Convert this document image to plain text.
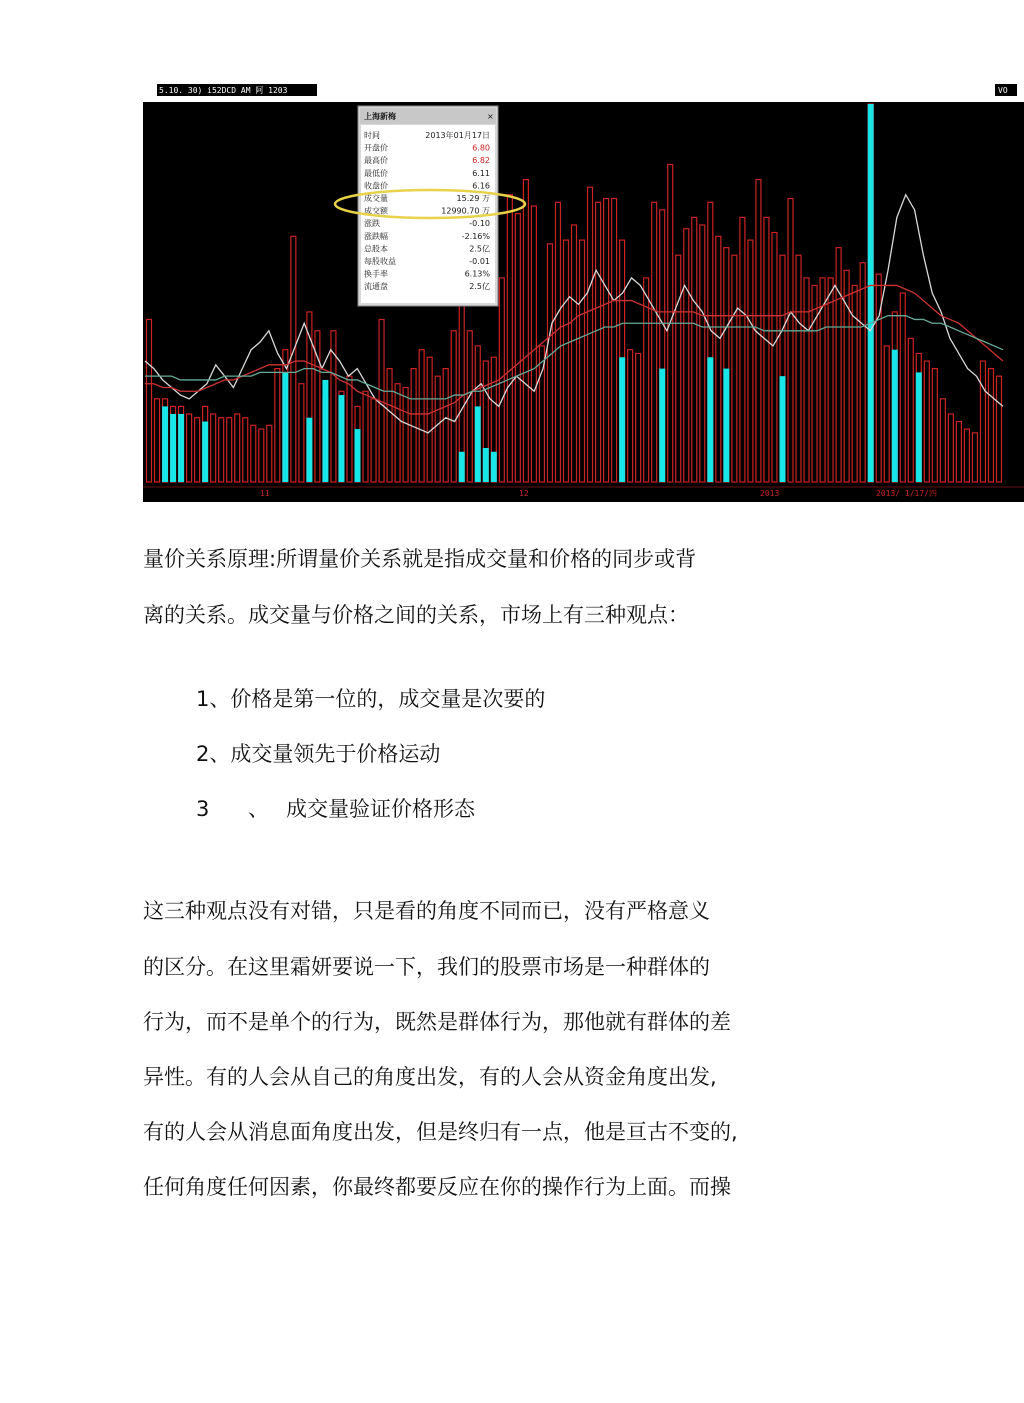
5.10. 30) i52DCD AM 阿 1203	VO
11	12	2013	2013/ 1/17/四
上海新梅	×
时间	2013年01月17日
开盘价	6.80
最高价	6.82
最低价	6.11
收盘价	6.16
成交量	15.29 万
成交额	12990.70 万
涨跌	-0.10
涨跌幅	-2.16%
总股本	2.5亿
每股收益	-0.01
换手率	6.13%
流通盘	2.5亿

量价关系原理:所谓量价关系就是指成交量和价格的同步或背

离的关系。成交量与价格之间的关系，市场上有三种观点：

1、价格是第一位的，成交量是次要的
2、成交量领先于价格运动
3 、 成交量验证价格形态

这三种观点没有对错，只是看的角度不同而已，没有严格意义

的区分。在这里霜妍要说一下，我们的股票市场是一种群体的

行为，而不是单个的行为，既然是群体行为，那他就有群体的差

异性。有的人会从自己的角度出发，有的人会从资金角度出发,

有的人会从消息面角度出发，但是终归有一点，他是亘古不变的,

任何角度任何因素，你最终都要反应在你的操作行为上面。而操
